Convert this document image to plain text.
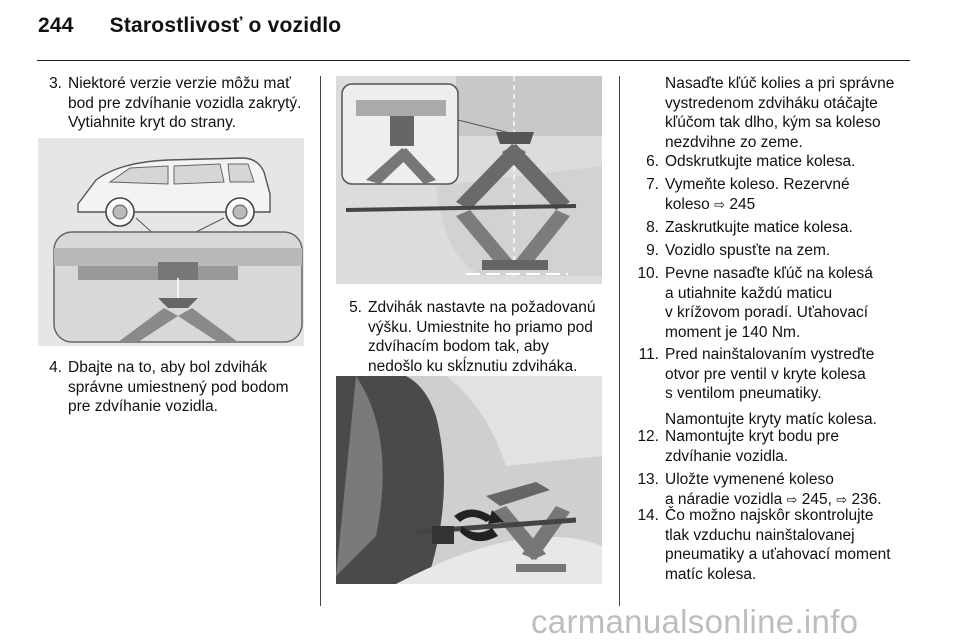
244 Starostlivosť o vozidlo
3. Niektoré verzie verzie môžu mať
bod pre zdvíhanie vozidla zakrytý.
Vytiahnite kryt do strany.
4. Dbajte na to, aby bol zdvihák
správne umiestnený pod bodom
pre zdvíhanie vozidla.
5. Zdvihák nastavte na požadovanú
výšku. Umiestnite ho priamo pod
zdvíhacím bodom tak, aby
nedošlo ku skĺznutiu zdviháka.
Nasaďte kľúč kolies a pri správne
vystredenom zdviháku otáčajte
kľúčom tak dlho, kým sa koleso
nezdvihne zo zeme.
6. Odskrutkujte matice kolesa.
7. Vymeňte koleso. Rezervné
koleso ⇨ 245
8. Zaskrutkujte matice kolesa.
9. Vozidlo spusťte na zem.
10. Pevne nasaďte kľúč na kolesá
a utiahnite každú maticu
v krížovom poradí. Uťahovací
moment je 140 Nm.
11. Pred nainštalovaním vystreďte
otvor pre ventil v kryte kolesa
s ventilom pneumatiky.
Namontujte kryty matíc kolesa.
12. Namontujte kryt bodu pre
zdvíhanie vozidla.
13. Uložte vymenené koleso
a náradie vozidla ⇨ 245, ⇨ 236.
14. Čo možno najskôr skontrolujte
tlak vzduchu nainštalovanej
pneumatiky a uťahovací moment
matíc kolesa.
carmanualsonline.info
